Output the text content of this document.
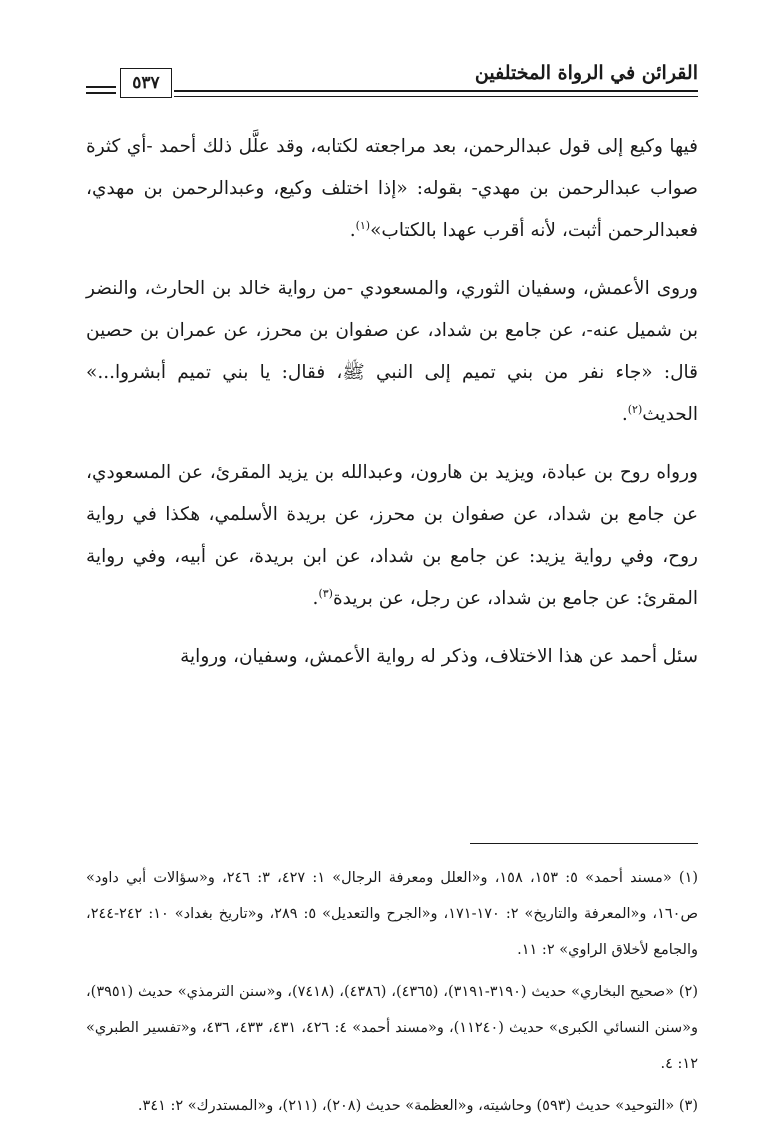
٥٣٧	القرائن في الرواة المختلفين

فيها وكيع إلى قول عبدالرحمن، بعد مراجعته لكتابه، وقد علَّل ذلك أحمد -أي كثرة صواب عبدالرحمن بن مهدي- بقوله: «إذا اختلف وكيع، وعبدالرحمن بن مهدي، فعبدالرحمن أثبت، لأنه أقرب عهدا بالكتاب»$^{(١)}$.

وروى الأعمش، وسفيان الثوري، والمسعودي -من رواية خالد بن الحارث، والنضر بن شميل عنه-، عن جامع بن شداد، عن صفوان بن محرز، عن عمران بن حصين قال: «جاء نفر من بني تميم إلى النبي ﷺ، فقال: يا بني تميم أبشروا...» الحديث$^{(٢)}$.

ورواه روح بن عبادة، ويزيد بن هارون، وعبدالله بن يزيد المقرئ، عن المسعودي، عن جامع بن شداد، عن صفوان بن محرز، عن بريدة الأسلمي، هكذا في رواية روح، وفي رواية يزيد: عن جامع بن شداد، عن ابن بريدة، عن أبيه، وفي رواية المقرئ: عن جامع بن شداد، عن رجل، عن بريدة$^{(٣)}$.

سئل أحمد عن هذا الاختلاف، وذكر له رواية الأعمش، وسفيان، ورواية

(١) «مسند أحمد» ٥: ١٥٣، ١٥٨، و«العلل ومعرفة الرجال» ١: ٤٢٧، ٣: ٢٤٦، و«سؤالات أبي داود» ص١٦٠، و«المعرفة والتاريخ» ٢: ١٧٠-١٧١، و«الجرح والتعديل» ٥: ٢٨٩، و«تاريخ بغداد» ١٠: ٢٤٢-٢٤٤، والجامع لأخلاق الراوي» ٢: ١١.

(٢) «صحيح البخاري» حديث (٣١٩٠-٣١٩١)، (٤٣٦٥)، (٤٣٨٦)، (٧٤١٨)، و«سنن الترمذي» حديث (٣٩٥١)، و«سنن النسائي الكبرى» حديث (١١٢٤٠)، و«مسند أحمد» ٤: ٤٢٦، ٤٣١، ٤٣٣، ٤٣٦، و«تفسير الطبري» ١٢: ٤.

(٣) «التوحيد» حديث (٥٩٣) وحاشيته، و«العظمة» حديث (٢٠٨)، (٢١١)، و«المستدرك» ٢: ٣٤١.
